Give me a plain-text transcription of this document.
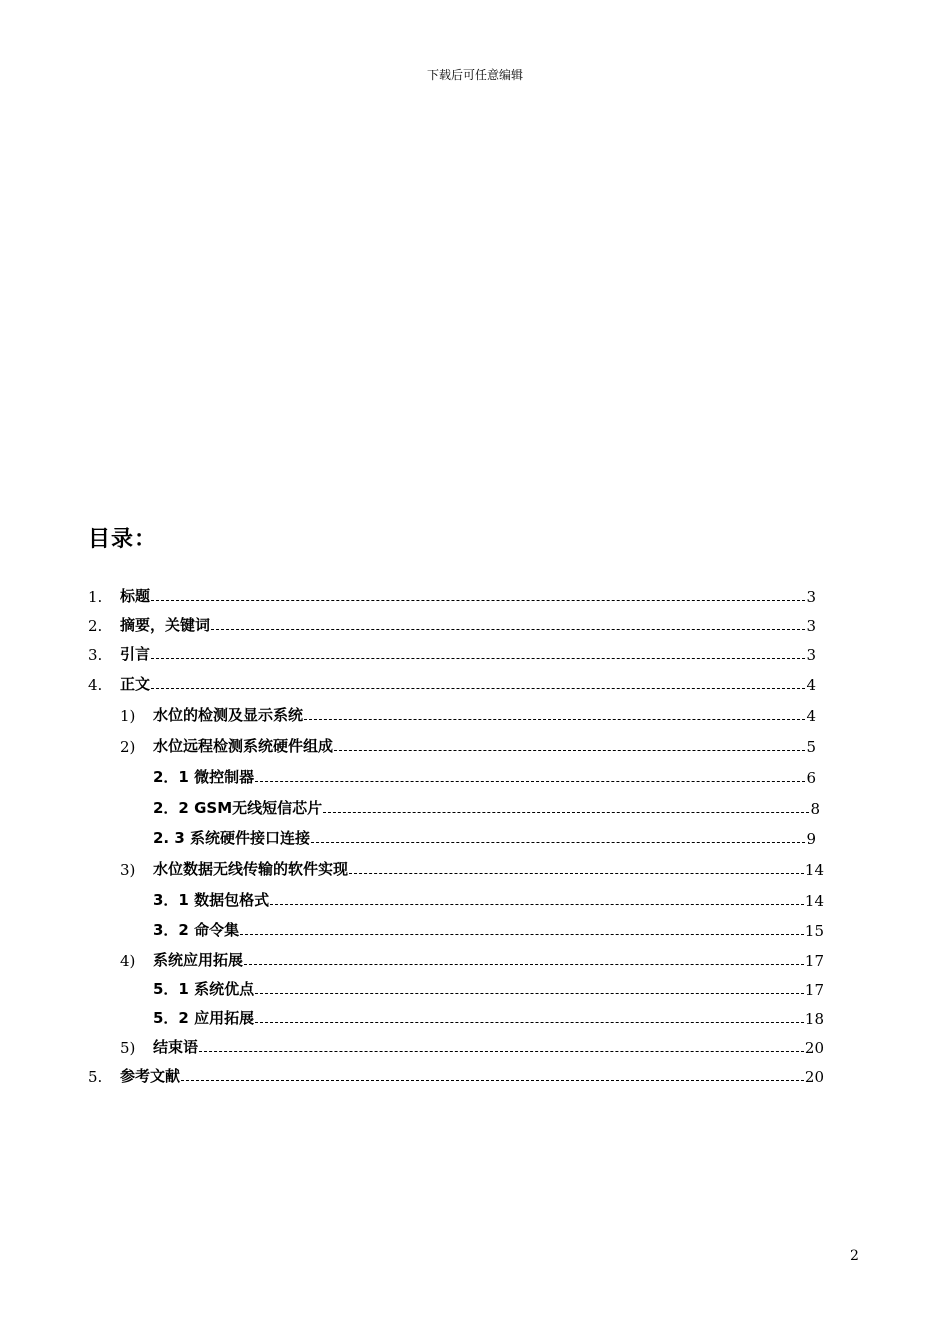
下载后可任意编辑
目录：
1.	标题	3
2.	摘要，关键词	3
3.	引言	3
4.	正文	4
1)	水位的检测及显示系统	4
2)	水位远程检测系统硬件组成	5
2．1 微控制器	6
2．2 GSM无线短信芯片	8
2. 3 系统硬件接口连接	9
3)	水位数据无线传输的软件实现	14
3．1 数据包格式	14
3．2 命令集	15
4)	系统应用拓展	17
5．1 系统优点	17
5．2 应用拓展	18
5)	结束语	20
5.	参考文献	20
2
